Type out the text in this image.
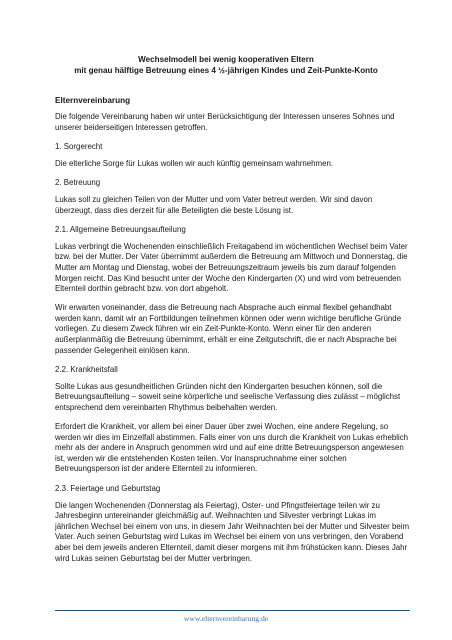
Wechselmodell bei wenig kooperativen Eltern
mit genau hälftige Betreuung eines 4 ½-jährigen Kindes und Zeit-Punkte-Konto
Elternvereinbarung

Die folgende Vereinbarung haben wir unter Berücksichtigung der Interessen unseres Sohnes und unserer beiderseitigen Interessen getroffen.

1. Sorgerecht

Die elterliche Sorge für Lukas wollen wir auch künftig gemeinsam wahrnehmen.

2. Betreuung

Lukas soll zu gleichen Teilen von der Mutter und vom Vater betreut werden. Wir sind davon überzeugt, dass dies derzeit für alle Beteiligten die beste Lösung ist.

2.1. Allgemeine Betreuungsaufteilung

Lukas verbringt die Wochenenden einschließlich Freitagabend im wöchentlichen Wechsel beim Vater bzw. bei der Mutter. Der Vater übernimmt außerdem die Betreuung am Mittwoch und Donnerstag, die Mutter am Montag und Dienstag, wobei der Betreuungszeitraum jeweils bis zum darauf folgenden Morgen reicht. Das Kind besucht unter der Woche den Kindergarten (X) und wird vom betreuenden Elternteil dorthin gebracht bzw. von dort abgeholt.

Wir erwarten voneinander, dass die Betreuung nach Absprache auch einmal flexibel gehandhabt werden kann, damit wir an Fortbildungen teilnehmen können oder wenn wichtige berufliche Gründe vorliegen. Zu diesem Zweck führen wir ein Zeit-Punkte-Konto. Wenn einer für den anderen außerplanmäßig die Betreuung übernimmt, erhält er eine Zeitgutschrift, die er nach Absprache bei passender Gelegenheit einlösen kann.

2.2. Krankheitsfall

Sollte Lukas aus gesundheitlichen Gründen nicht den Kindergarten besuchen können, soll die Betreuungsaufteilung – soweit seine körperliche und seelische Verfassung dies zulässt – möglichst entsprechend dem vereinbarten Rhythmus beibehalten werden.

Erfordert die Krankheit, vor allem bei einer Dauer über zwei Wochen, eine andere Regelung, so werden wir dies im Einzelfall abstimmen. Falls einer von uns durch die Krankheit von Lukas erheblich mehr als der andere in Anspruch genommen wird und auf eine dritte Betreuungsperson angewiesen ist, werden wir die entstehenden Kosten teilen. Vor Inanspruchnahme einer solchen Betreuungsperson ist der andere Elternteil zu informieren.

2.3. Feiertage und Geburtstag

Die langen Wochenenden (Donnerstag als Feiertag), Oster- und Pfingstfeiertage teilen wir zu Jahresbeginn untereinander gleichmäßig auf. Weihnachten und Silvester verbringt Lukas im jährlichen Wechsel bei einem von uns, in diesem Jahr Weihnachten bei der Mutter und Silvester beim Vater. Auch seinen Geburtstag wird Lukas im Wechsel bei einem von uns verbringen, den Vorabend aber bei dem jeweils anderen Elternteil, damit dieser morgens mit ihm frühstücken kann. Dieses Jahr wird Lukas seinen Geburtstag bei der Mutter verbringen.

www.elternvereinbarung.de
